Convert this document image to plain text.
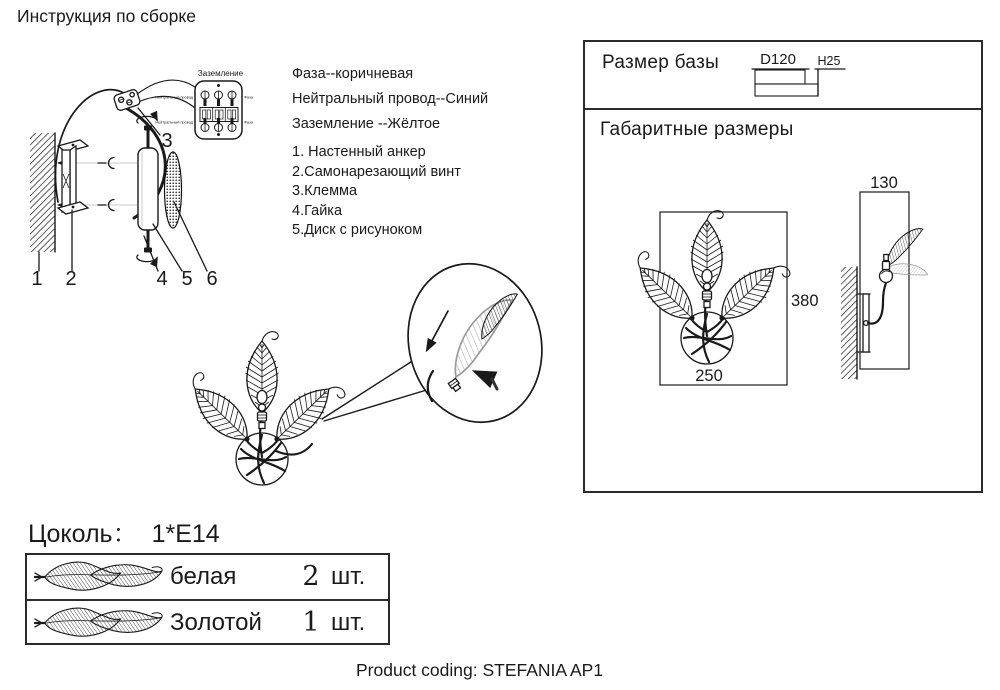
Инструкция по сборке
Заземление
Нейтральный провод
Нейтральный провод
Фаза
Фаза
1 2
3
4 5 6
Фаза--коричневая
Нейтральный провод--Синий
Заземление --Жёлтое
1. Настенный анкер
2.Самонарезающий винт
3.Клемма
4.Гайка
5.Диск с рисуноком
Размер базы	D120 H25
Габаритные размеры
380
250
130
Цоколь： 1*E14
белая	2 шт.
Золотой	1 шт.
Product coding: STEFANIA AP1
